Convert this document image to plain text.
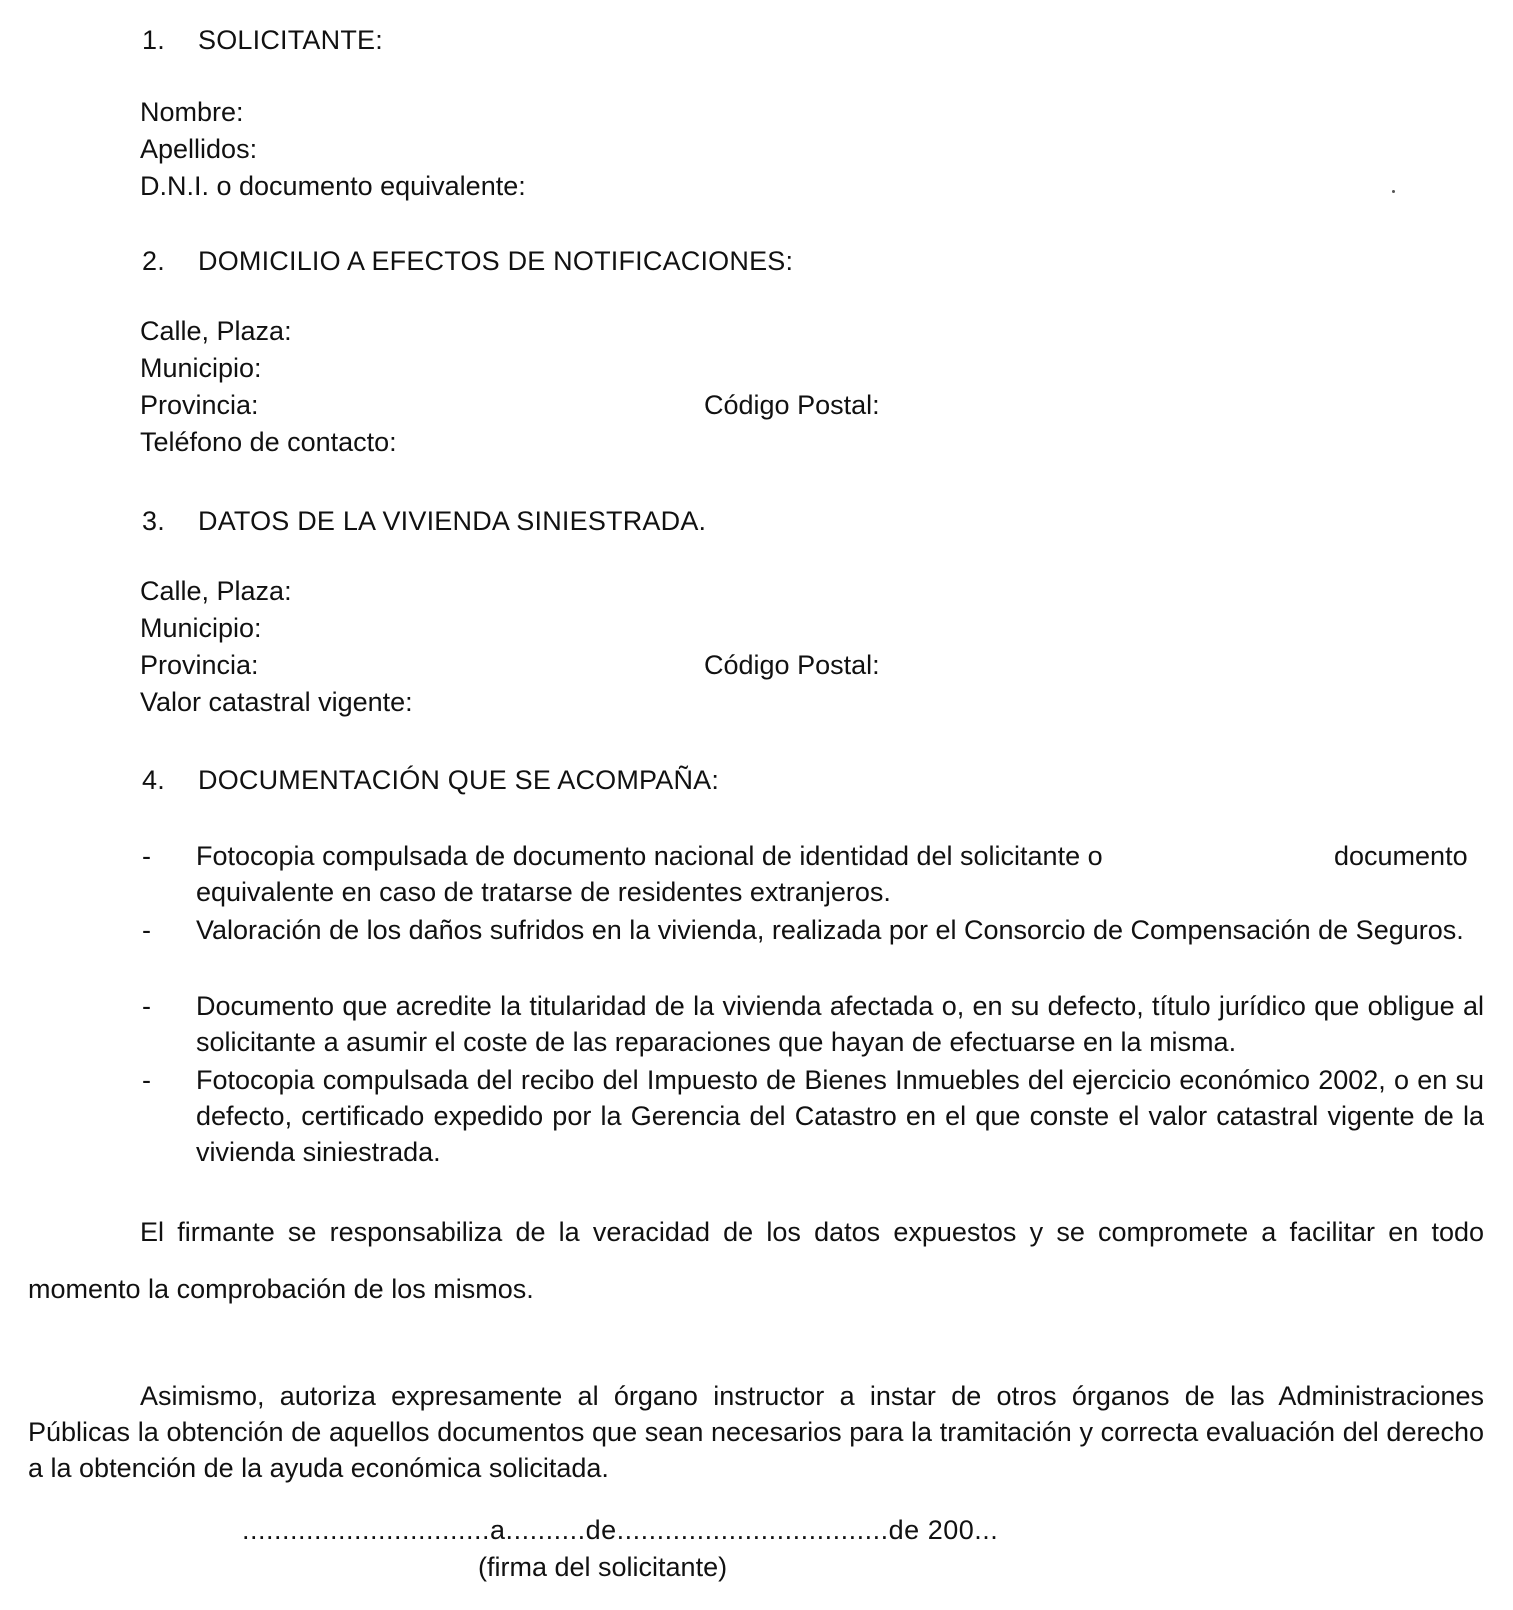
1. SOLICITANTE:
Nombre:
Apellidos:
D.N.I. o documento equivalente:
2. DOMICILIO A EFECTOS DE NOTIFICACIONES:
Calle, Plaza:
Municipio:
Provincia:	Código Postal:
Teléfono de contacto:
3. DATOS DE LA VIVIENDA SINIESTRADA.
Calle, Plaza:
Municipio:
Provincia:	Código Postal:
Valor catastral vigente:
4. DOCUMENTACIÓN QUE SE ACOMPAÑA:
- Fotocopia compulsada de documento nacional de identidad del solicitante o	documento
equivalente en caso de tratarse de residentes extranjeros.
- Valoración de los daños sufridos en la vivienda, realizada por el Consorcio de Compensación de Seguros.
- Documento que acredite la titularidad de la vivienda afectada o, en su defecto, título jurídico que obligue al solicitante a asumir el coste de las reparaciones que hayan de efectuarse en la misma.
- Fotocopia compulsada del recibo del Impuesto de Bienes Inmuebles del ejercicio económico 2002, o en su defecto, certificado expedido por la Gerencia del Catastro en el que conste el valor catastral vigente de la vivienda siniestrada.
El firmante se responsabiliza de la veracidad de los datos expuestos y se compromete a facilitar en todo
momento la comprobación de los mismos.
Asimismo, autoriza expresamente al órgano instructor a instar de otros órganos de las Administraciones Públicas la obtención de aquellos documentos que sean necesarios para la tramitación y correcta evaluación del derecho a la obtención de la ayuda económica solicitada.
...............................a..........de..................................de 200...
(firma del solicitante)
